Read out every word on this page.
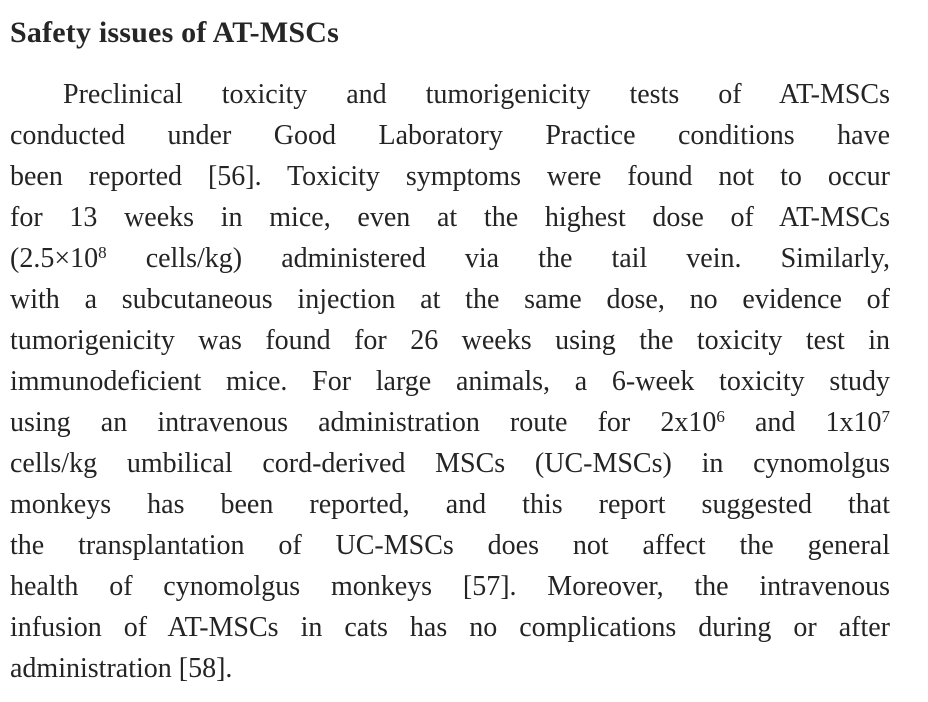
Safety issues of AT-MSCs
Preclinical toxicity and tumorigenicity tests of AT-MSCs
conducted under Good Laboratory Practice conditions have
been reported [56]. Toxicity symptoms were found not to occur
for 13 weeks in mice, even at the highest dose of AT-MSCs
($2.5\times 10^8$ cells/kg) administered via the tail vein. Similarly,
with a subcutaneous injection at the same dose, no evidence of
tumorigenicity was found for 26 weeks using the toxicity test in
immunodeficient mice. For large animals, a 6-week toxicity study
using an intravenous administration route for $2x10^6$ and $1x10^7$
cells/kg umbilical cord-derived MSCs (UC-MSCs) in cynomolgus
monkeys has been reported, and this report suggested that
the transplantation of UC-MSCs does not affect the general
health of cynomolgus monkeys [57]. Moreover, the intravenous
infusion of AT-MSCs in cats has no complications during or after
administration [58].
